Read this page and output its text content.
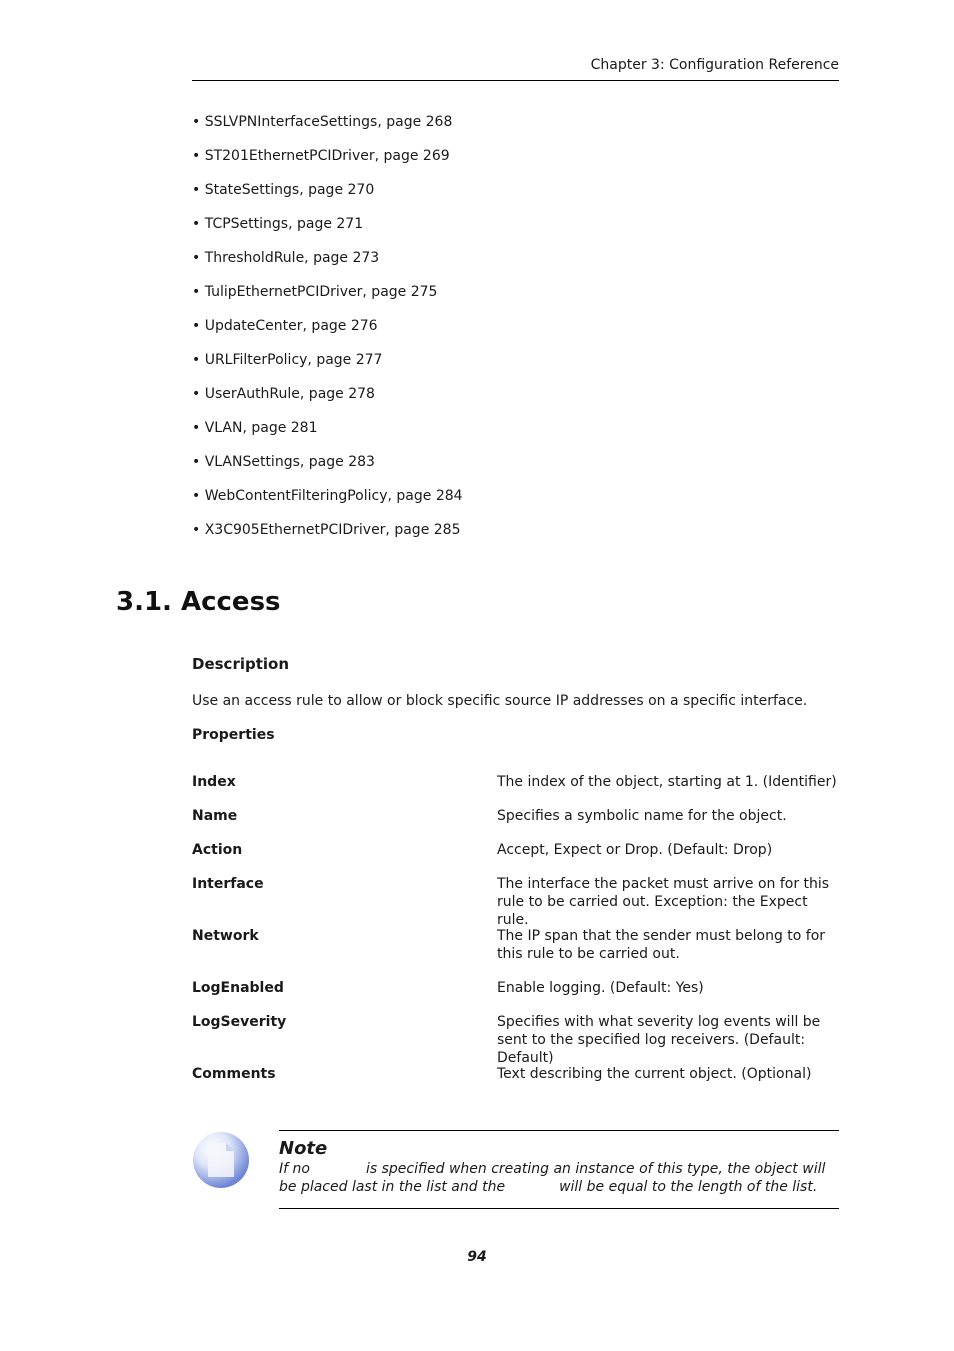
Chapter 3: Configuration Reference
• SSLVPNInterfaceSettings, page 268
• ST201EthernetPCIDriver, page 269
• StateSettings, page 270
• TCPSettings, page 271
• ThresholdRule, page 273
• TulipEthernetPCIDriver, page 275
• UpdateCenter, page 276
• URLFilterPolicy, page 277
• UserAuthRule, page 278
• VLAN, page 281
• VLANSettings, page 283
• WebContentFilteringPolicy, page 284
• X3C905EthernetPCIDriver, page 285
3.1. Access
Description
Use an access rule to allow or block specific source IP addresses on a specific interface.
Properties
Index	The index of the object, starting at 1. (Identifier)
Name	Specifies a symbolic name for the object.
Action	Accept, Expect or Drop. (Default: Drop)
Interface	The interface the packet must arrive on for this rule to be carried out. Exception: the Expect rule.
Network	The IP span that the sender must belong to for this rule to be carried out.
LogEnabled	Enable logging. (Default: Yes)
LogSeverity	Specifies with what severity log events will be sent to the specified log receivers. (Default: Default)
Comments	Text describing the current object. (Optional)
Note
If no	is specified when creating an instance of this type, the object will be placed last in the list and the	will be equal to the length of the list.
94
